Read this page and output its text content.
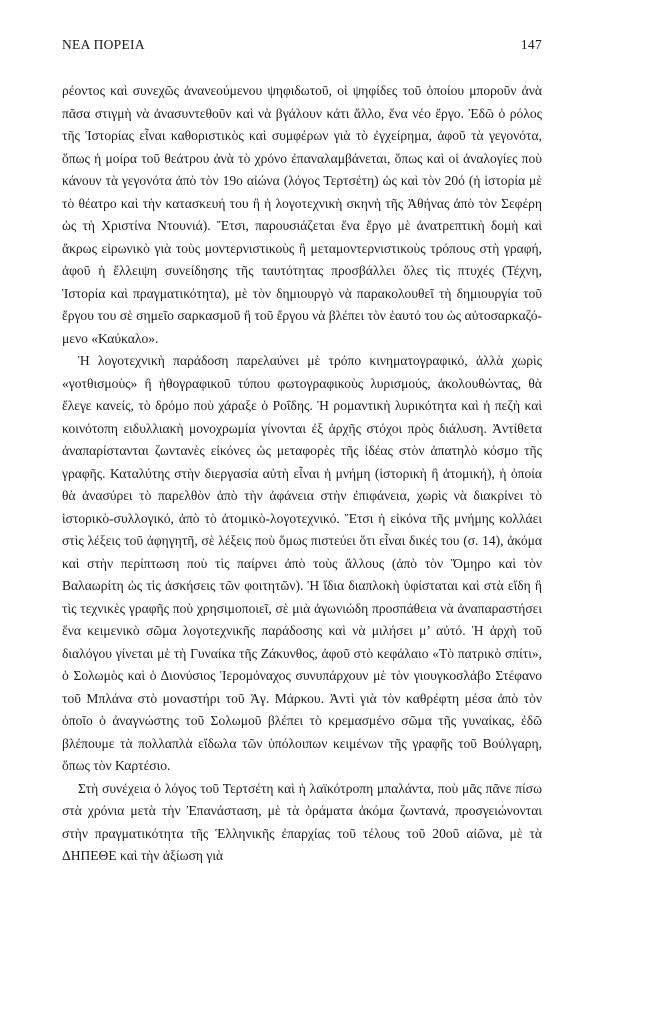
ΝΕΑ ΠΟΡΕΙΑ	147

ρέοντος καὶ συνεχῶς ἀνανεούμενου ψηφιδωτοῦ, οἱ ψηφίδες τοῦ ὁποίου μποροῦν ἀνὰ πᾶσα στιγμὴ νὰ ἀνασυντεθοῦν καὶ νὰ βγάλουν κάτι ἄλλο, ἕνα νέο ἔργο. Ἐδῶ ὁ ρόλος τῆς Ἱστορίας εἶναι καθοριστικὸς καὶ συμφέρων γιὰ τὸ ἐγχείρημα, ἀφοῦ τὰ γεγονότα, ὅπως ἡ μοίρα τοῦ θεάτρου ἀνὰ τὸ χρόνο ἐπαναλαμβάνεται, ὅπως καὶ οἱ ἀναλογίες ποὺ κάνουν τὰ γεγονότα ἀπὸ τὸν 19ο αἰώνα (λόγος Τερτσέτη) ὡς καὶ τὸν 20ό (ἡ ἱστορία μὲ τὸ θέατρο καὶ τὴν κατασκευή του ἢ ἡ λογοτεχνικὴ σκηνὴ τῆς Ἀθήνας ἀπὸ τὸν Σεφέρη ὡς τὴ Χριστίνα Ντουνιά). Ἔτσι, παρουσιάζεται ἕνα ἔργο μὲ ἀνατρεπτικὴ δομὴ καὶ ἄκρως εἰρωνικὸ γιὰ τοὺς μοντερνιστικοὺς ἢ μεταμοντερνιστικοὺς τρόπους στὴ γραφή, ἀφοῦ ἡ ἔλλειψη συνείδησης τῆς ταυτότητας προσβάλλει ὅλες τὶς πτυχές (Τέχνη, Ἱστορία καὶ πραγματικότητα), μὲ τὸν δημιουργὸ νὰ παρακολουθεῖ τὴ δημιουργία τοῦ ἔργου του σὲ σημεῖο σαρκασμοῦ ἢ τοῦ ἔργου νὰ βλέπει τὸν ἑαυτό του ὡς αὐτοσαρκαζόμενο «Καύκαλο».

Ἡ λογοτεχνικὴ παράδοση παρελαύνει μὲ τρόπο κινηματογραφικό, ἀλλὰ χωρὶς «γοτθισμοὺς» ἢ ἠθογραφικοῦ τύπου φωτογραφικοὺς λυρισμούς, ἀκολουθώντας, θὰ ἔλεγε κανείς, τὸ δρόμο ποὺ χάραξε ὁ Ροΐδης. Ἡ ρομαντικὴ λυρικότητα καὶ ἡ πεζὴ καὶ κοινότοπη ειδυλλιακὴ μονοχρωμία γίνονται ἐξ ἀρχῆς στόχοι πρὸς διάλυση. Ἀντίθετα ἀναπαρίστανται ζωντανὲς εἰκόνες ὡς μεταφορὲς τῆς ἰδέας στὸν ἀπατηλὸ κόσμο τῆς γραφῆς. Καταλύτης στὴν διεργασία αὐτὴ εἶναι ἡ μνήμη (ἱστορικὴ ἢ ἀτομική), ἡ ὁποία θὰ ἀνασύρει τὸ παρελθὸν ἀπὸ τὴν ἀφάνεια στὴν ἐπιφάνεια, χωρὶς νὰ διακρίνει τὸ ἱστορικὸ-συλλογικό, ἀπὸ τὸ ἀτομικὸ-λογοτεχνικό. Ἔτσι ἡ εἰκόνα τῆς μνήμης κολλάει στὶς λέξεις τοῦ ἀφηγητῆ, σὲ λέξεις ποὺ ὅμως πιστεύει ὅτι εἶναι δικές του (σ. 14), ἀκόμα καὶ στὴν περίπτωση ποὺ τὶς παίρνει ἀπὸ τοὺς ἄλλους (ἀπὸ τὸν Ὅμηρο καὶ τὸν Βαλαωρίτη ὡς τὶς ἀσκήσεις τῶν φοιτητῶν). Ἡ ἴδια διαπλοκὴ ὑφίσταται καὶ στὰ εἴδη ἢ τὶς τεχνικὲς γραφῆς ποὺ χρησιμοποιεῖ, σὲ μιὰ ἀγωνιώδη προσπάθεια νὰ ἀναπαραστήσει ἕνα κειμενικὸ σῶμα λογοτεχνικῆς παράδοσης καὶ νὰ μιλήσει μ’ αὐτό. Ἡ ἀρχὴ τοῦ διαλόγου γίνεται μὲ τὴ Γυναίκα τῆς Ζάκυνθος, ἀφοῦ στὸ κεφάλαιο «Τὸ πατρικὸ σπίτι», ὁ Σολωμὸς καὶ ὁ Διονύσιος Ἱερομόναχος συνυπάρχουν μὲ τὸν γιουγκοσλάβο Στέφανο τοῦ Μπλάνα στὸ μοναστήρι τοῦ Ἁγ. Μάρκου. Ἀντὶ γιὰ τὸν καθρέφτη μέσα ἀπὸ τὸν ὁποῖο ὁ ἀναγνώστης τοῦ Σολωμοῦ βλέπει τὸ κρεμασμένο σῶμα τῆς γυναίκας, ἐδῶ βλέπουμε τὰ πολλαπλὰ εἴδωλα τῶν ὑπόλοιπων κειμένων τῆς γραφῆς τοῦ Βούλγαρη, ὅπως τὸν Καρτέσιο.

Στὴ συνέχεια ὁ λόγος τοῦ Τερτσέτη καὶ ἡ λαϊκότροπη μπαλάντα, ποὺ μᾶς πᾶνε πίσω στὰ χρόνια μετὰ τὴν Ἐπανάσταση, μὲ τὰ ὁράματα ἀκόμα ζωντανά, προσγειώνονται στὴν πραγματικότητα τῆς Ἑλληνικῆς ἐπαρχίας τοῦ τέλους τοῦ 20οῦ αἰῶνα, μὲ τὰ ΔΗΠΕΘΕ καὶ τὴν ἀξίωση γιὰ
